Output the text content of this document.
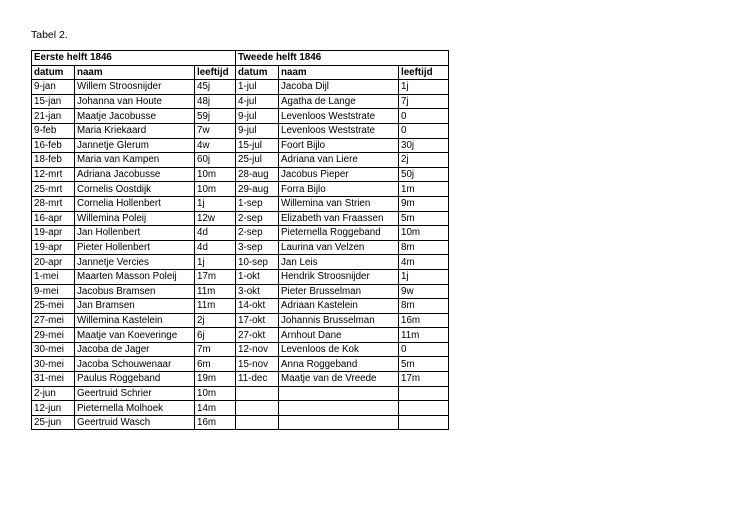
Tabel 2.
Eerste helft 1846			Tweede helft 1846		
datum	naam	leeftijd	datum	naam	leeftijd
9-jan	Willem Stroosnijder	45j	1-jul	Jacoba Dijl	1j
15-jan	Johanna van Houte	48j	4-jul	Agatha de Lange	7j
21-jan	Maatje Jacobusse	59j	9-jul	Levenloos Weststrate	0
9-feb	Maria Kriekaard	7w	9-jul	Levenloos Weststrate	0
16-feb	Jannetje Glerum	4w	15-jul	Foort Bijlo	30j
18-feb	Maria van Kampen	60j	25-jul	Adriana van Liere	2j
12-mrt	Adriana Jacobusse	10m	28-aug	Jacobus Pieper	50j
25-mrt	Cornelis Oostdijk	10m	29-aug	Forra Bijlo	1m
28-mrt	Cornelia Hollenbert	1j	1-sep	Willemina van Strien	9m
16-apr	Willemina Poleij	12w	2-sep	Elizabeth van Fraassen	5m
19-apr	Jan Hollenbert	4d	2-sep	Pieternella Roggeband	10m
19-apr	Pieter Hollenbert	4d	3-sep	Laurina van Velzen	8m
20-apr	Jannetje Vercies	1j	10-sep	Jan Leis	4m
1-mei	Maarten Masson Poleij	17m	1-okt	Hendrik Stroosnijder	1j
9-mei	Jacobus Bramsen	11m	3-okt	Pieter Brusselman	9w
25-mei	Jan Bramsen	11m	14-okt	Adriaan Kastelein	8m
27-mei	Willemina Kastelein	2j	17-okt	Johannis Brusselman	16m
29-mei	Maatje van Koeveringe	6j	27-okt	Arnhout Dane	11m
30-mei	Jacoba de Jager	7m	12-nov	Levenloos de Kok	0
30-mei	Jacoba Schouwenaar	6m	15-nov	Anna Roggeband	5m
31-mei	Paulus Roggeband	19m	11-dec	Maatje van de Vreede	17m
2-jun	Geertruid Schrier	10m			
12-jun	Pieternella Molhoek	14m			
25-jun	Geertruid Wasch	16m			
